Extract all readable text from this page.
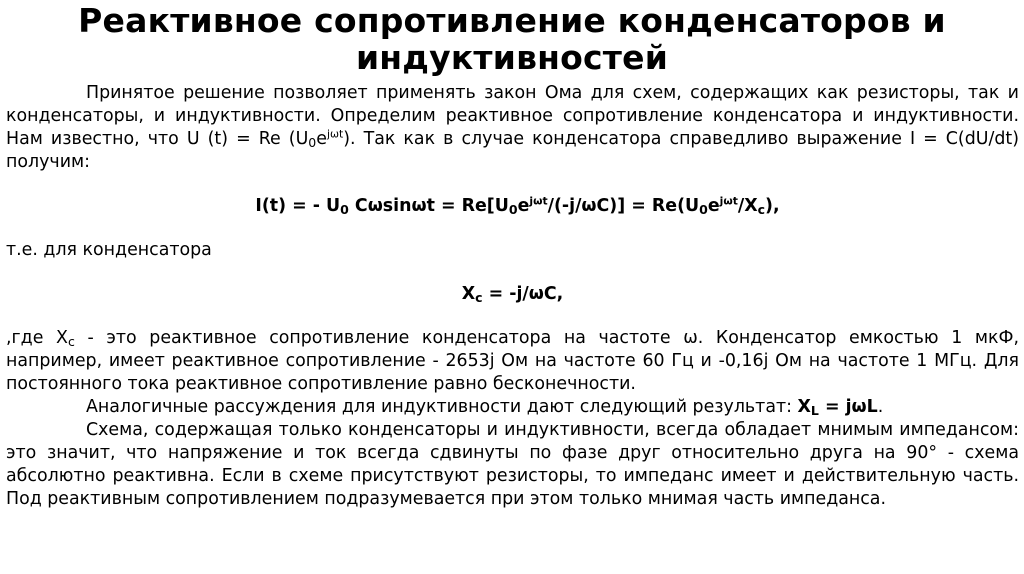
Реактивное сопротивление конденсаторов и индуктивностей

Принятое решение позволяет применять закон Ома для схем, содержащих как резисторы, так и конденсаторы, и индуктивности. Определим реактивное сопротивление конденсатора и индуктивности. Нам известно, что U (t) = Re $(U_0e^{j\omega t})$. Так как в случае конденсатора справедливо выражение I = C(dU/dt) получим:

I(t) = - $U_0$ $C\omega\sin\omega t = Re[U_0e^{j\omega t}/(-j/\omega C)] = Re(U_0e^{j\omega t}/X_c)$,

т.е. для конденсатора

$X_c = -j/\omega C$,

,где $X_c$ - это реактивное сопротивление конденсатора на частоте ω. Конденсатор емкостью 1 мкФ, например, имеет реактивное сопротивление - 2653j Ом на частоте 60 Гц и -0,16j Ом на частоте 1 МГц. Для постоянного тока реактивное сопротивление равно бесконечности.

Аналогичные рассуждения для индуктивности дают следующий результат: $X_L = j\omega L$.

Схема, содержащая только конденсаторы и индуктивности, всегда обладает мнимым импедансом: это значит, что напряжение и ток всегда сдвинуты по фазе друг относительно друга на 90° - схема абсолютно реактивна. Если в схеме присутствуют резисторы, то импеданс имеет и действительную часть. Под реактивным сопротивлением подразумевается при этом только мнимая часть импеданса.
